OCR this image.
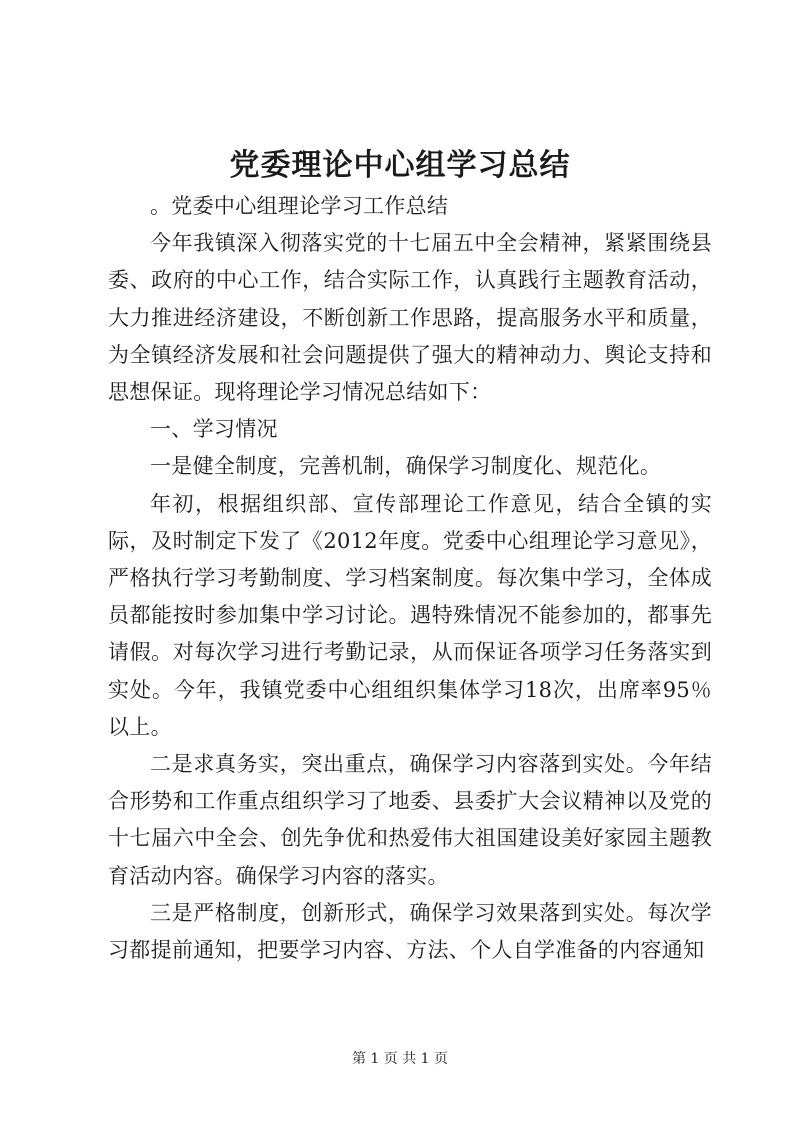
党委理论中心组学习总结

。党委中心组理论学习工作总结

今年我镇深入彻落实党的十七届五中全会精神，紧紧围绕县委、政府的中心工作，结合实际工作，认真践行主题教育活动，大力推进经济建设，不断创新工作思路，提高服务水平和质量，为全镇经济发展和社会问题提供了强大的精神动力、舆论支持和思想保证。现将理论学习情况总结如下：

一、学习情况

一是健全制度，完善机制，确保学习制度化、规范化。

年初，根据组织部、宣传部理论工作意见，结合全镇的实际，及时制定下发了《2012年度。党委中心组理论学习意见》，严格执行学习考勤制度、学习档案制度。每次集中学习，全体成员都能按时参加集中学习讨论。遇特殊情况不能参加的，都事先请假。对每次学习进行考勤记录，从而保证各项学习任务落实到实处。今年，我镇党委中心组组织集体学习18次，出席率95％以上。

二是求真务实，突出重点，确保学习内容落到实处。今年结合形势和工作重点组织学习了地委、县委扩大会议精神以及党的十七届六中全会、创先争优和热爱伟大祖国建设美好家园主题教育活动内容。确保学习内容的落实。

三是严格制度，创新形式，确保学习效果落到实处。每次学习都提前通知，把要学习内容、方法、个人自学准备的内容通知

第 1 页 共 1 页
